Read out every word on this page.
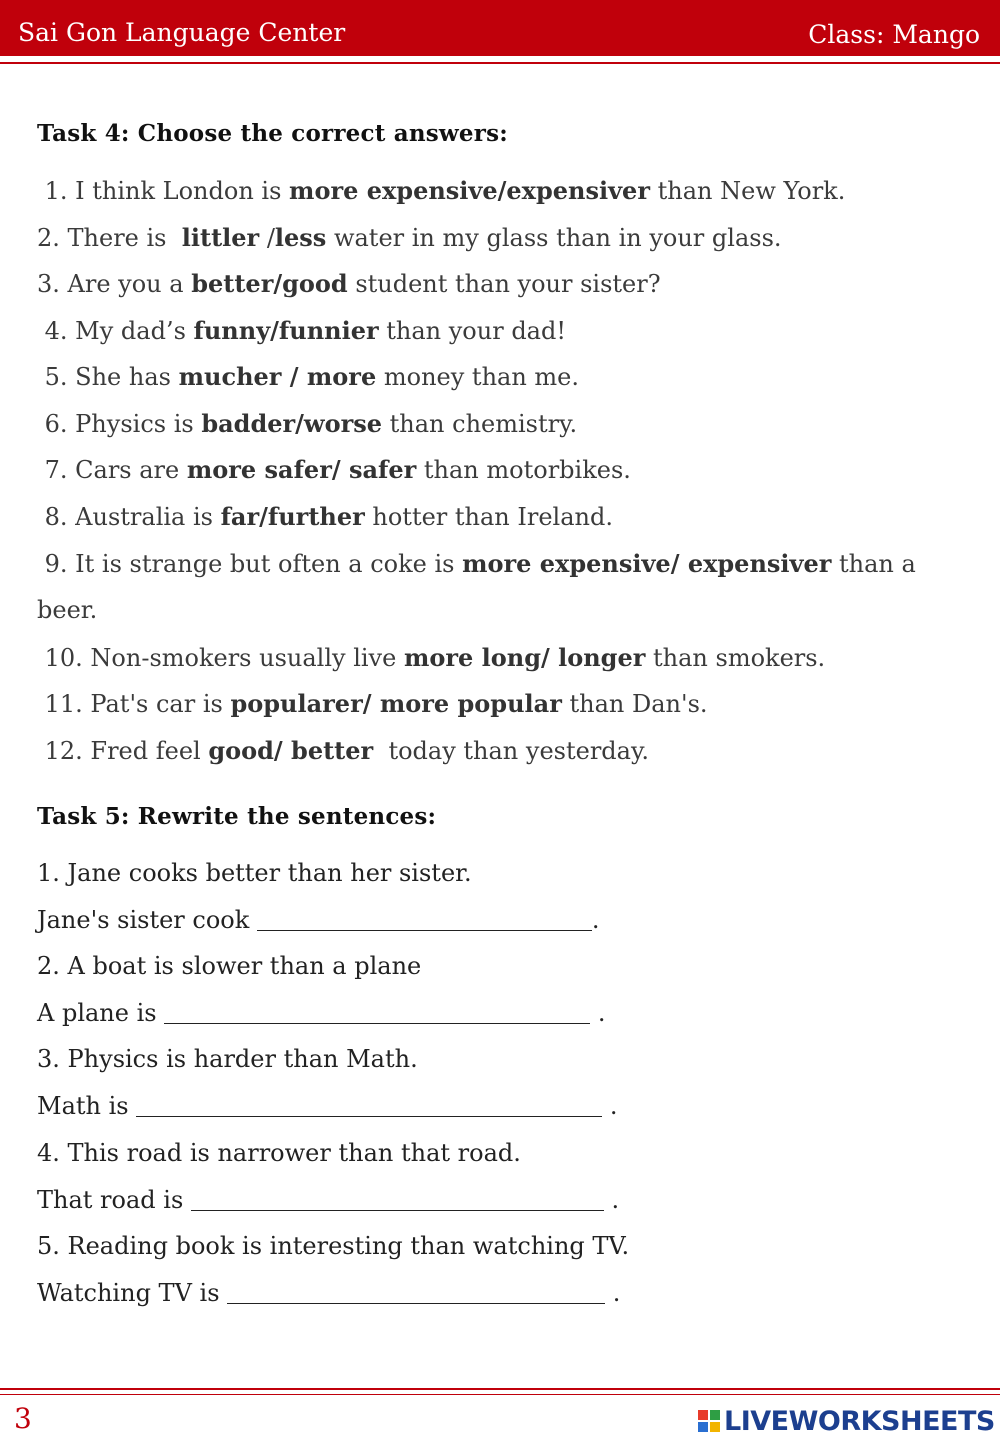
Sai Gon Language Center	Class: Mango
Task 4: Choose the correct answers:
1. I think London is more expensive/expensiver than New York.
2. There is  littler /less water in my glass than in your glass.
3. Are you a better/good student than your sister?
4. My dad’s funny/funnier than your dad!
5. She has mucher / more money than me.
6. Physics is badder/worse than chemistry.
7. Cars are more safer/ safer than motorbikes.
8. Australia is far/further hotter than Ireland.
9. It is strange but often a coke is more expensive/ expensiver than a
beer.
10. Non-smokers usually live more long/ longer than smokers.
11. Pat's car is popularer/ more popular than Dan's.
12. Fred feel good/ better  today than yesterday.
Task 5: Rewrite the sentences:
1. Jane cooks better than her sister.
Jane's sister cook	.
2. A boat is slower than a plane
A plane is	.
3. Physics is harder than Math.
Math is	.
4. This road is narrower than that road.
That road is	.
5. Reading book is interesting than watching TV.
Watching TV is	.
3	LIVEWORKSHEETS
